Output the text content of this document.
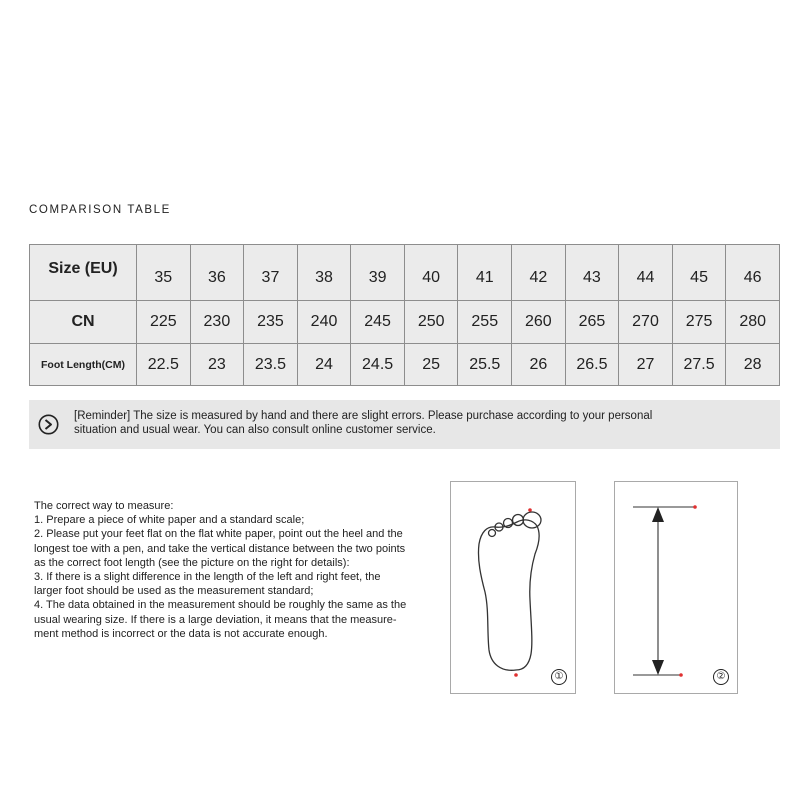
COMPARISON TABLE
Size (EU)	35	36	37	38	39	40	41	42	43	44	45	46
CN	225	230	235	240	245	250	255	260	265	270	275	280
Foot Length(CM)	22.5	23	23.5	24	24.5	25	25.5	26	26.5	27	27.5	28
[Reminder] The size is measured by hand and there are slight errors. Please purchase according to your personal
situation and usual wear. You can also consult online customer service.
The correct way to measure:
1. Prepare a piece of white paper and a standard scale;
2. Please put your feet flat on the flat white paper, point out the heel and the
longest toe with a pen, and take the vertical distance between the two points
as the correct foot length (see the picture on the right for details):
3. If there is a slight difference in the length of the left and right feet, the
larger foot should be used as the measurement standard;
4. The data obtained in the measurement should be roughly the same as the
usual wearing size. If there is a large deviation, it means that the measure-
ment method is incorrect or the data is not accurate enough.
①	②
